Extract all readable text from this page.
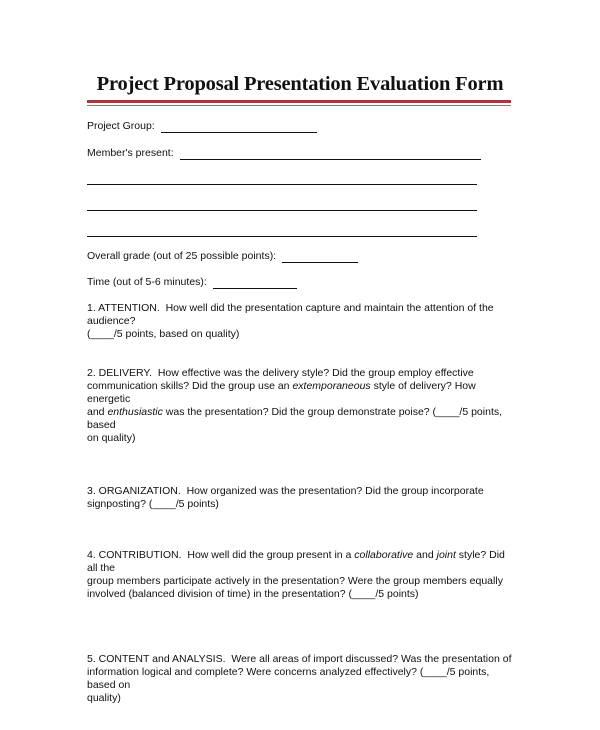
Project Proposal Presentation Evaluation Form
Project Group:
Member's present:
Overall grade (out of 25 possible points):
Time (out of 5-6 minutes):

1. ATTENTION. How well did the presentation capture and maintain the attention of the audience?
(____/5 points, based on quality)

2. DELIVERY. How effective was the delivery style? Did the group employ effective
communication skills? Did the group use an extemporaneous style of delivery? How energetic
and enthusiastic was the presentation? Did the group demonstrate poise? (____/5 points, based
on quality)

3. ORGANIZATION. How organized was the presentation? Did the group incorporate
signposting? (____/5 points)

4. CONTRIBUTION. How well did the group present in a collaborative and joint style? Did all the
group members participate actively in the presentation? Were the group members equally
involved (balanced division of time) in the presentation? (____/5 points)

5. CONTENT and ANALYSIS. Were all areas of import discussed? Was the presentation of
information logical and complete? Were concerns analyzed effectively? (____/5 points, based on
quality)
